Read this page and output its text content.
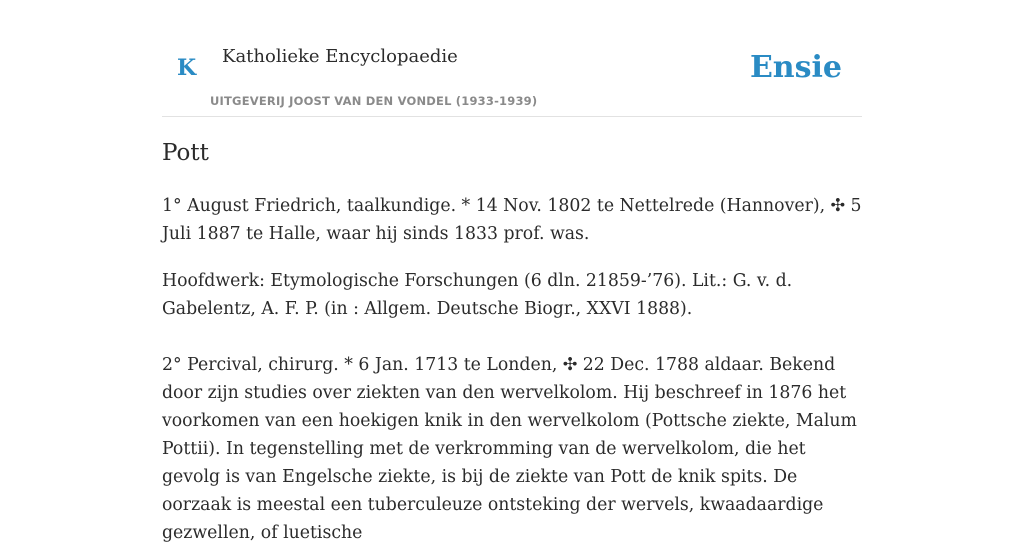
K Katholieke Encyclopaedie
UITGEVERIJ JOOST VAN DEN VONDEL (1933-1939)
Ensie
Pott

1° August Friedrich, taalkundige. * 14 Nov. 1802 te Nettelrede (Hannover), ✣ 5 Juli 1887 te Halle, waar hij sinds 1833 prof. was.

Hoofdwerk: Etymologische Forschungen (6 dln. 21859-’76). Lit.: G. v. d. Gabelentz, A. F. P. (in : Allgem. Deutsche Biogr., XXVI 1888).

2° Percival, chirurg. * 6 Jan. 1713 te Londen, ✣ 22 Dec. 1788 aldaar. Bekend door zijn studies over ziekten van den wervelkolom. Hij beschreef in 1876 het voorkomen van een hoekigen knik in den wervelkolom (Pottsche ziekte, Malum Pottii). In tegenstelling met de verkromming van de wervelkolom, die het gevolg is van Engelsche ziekte, is bij de ziekte van Pott de knik spits. De oorzaak is meestal een tuberculeuze ontsteking der wervels, kwaadaardige gezwellen, of luetische
